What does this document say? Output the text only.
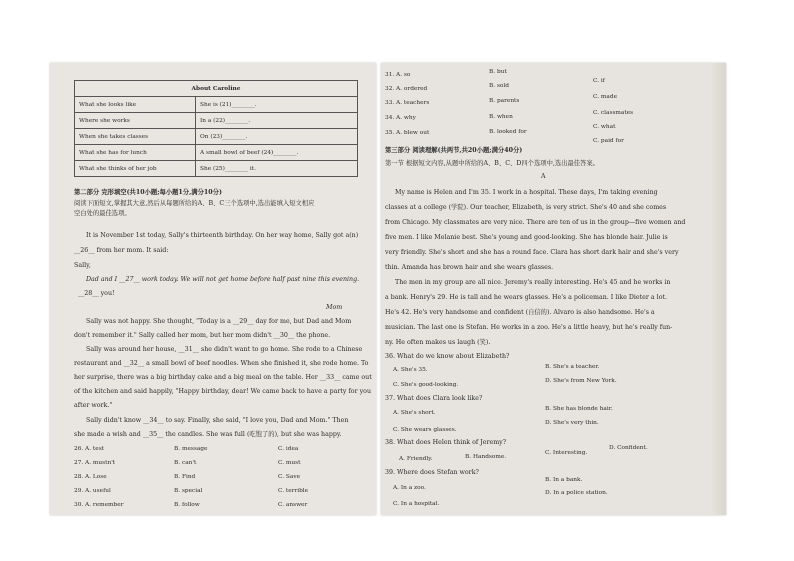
About Caroline	
What she looks like	She is (21)________.
Where she works	In a (22)________.
When she takes classes	On (23)________.
What she has for lunch	A small bowl of beef (24)________.
What she thinks of her job	She (25)________ it.
第二部分 完形填空(共10小题;每小题1分,满分10分)
阅读下面短文,掌握其大意,然后从每题所给的A、B、C三个选项中,选出能填入短文相应
空白处的最佳选项。
It is November 1st today, Sally's thirteenth birthday. On her way home, Sally got a(n)
__26__ from her mom. It said:
Sally,
Dad and I __27__ work today. We will not get home before half past nine this evening.
__28__ you!
Mom
Sally was not happy. She thought, "Today is a __29__ day for me, but Dad and Mom
don't remember it." Sally called her mom, but her mom didn't __30__ the phone.
Sally was around her house, __31__ she didn't want to go home. She rode to a Chinese
restaurant and __32__ a small bowl of beef noodles. When she finished it, she rode home. To
her surprise, there was a big birthday cake and a big meal on the table. Her __33__ came out
of the kitchen and said happily, "Happy birthday, dear! We came back to have a party for you
after work."
Sally didn't know __34__ to say. Finally, she said, "I love you, Dad and Mom." Then
she made a wish and __35__ the candles. She was full (吃饱了的), but she was happy.
26. A. test	B. message	C. idea
27. A. mustn't	B. can't	C. must
28. A. Lose	B. Find	C. Save
29. A. useful	B. special	C. terrible
30. A. remember	B. follow	C. answer
31. A. so	B. but
C. if
32. A. ordered	B. sold
C. made
33. A. teachers	B. parents
C. classmates
34. A. why	B. when
C. what
35. A. blew out	B. looked for
C. paid for
第三部分 阅读理解(共两节,共20小题;满分40分)
第一节 根据短文内容,从题中所给的A、B、C、D四个选项中,选出最佳答案。
A
My name is Helen and I'm 35. I work in a hospital. These days, I'm taking evening
classes at a college (学院). Our teacher, Elizabeth, is very strict. She's 40 and she comes
from Chicago. My classmates are very nice. There are ten of us in the group—five women and
five men. I like Melanie best. She's young and good-looking. She has blonde hair. Julie is
very friendly. She's short and she has a round face. Clara has short dark hair and she's very
thin. Amanda has brown hair and she wears glasses.
The men in my group are all nice. Jeremy's really interesting. He's 45 and he works in
a bank. Henry's 29. He is tall and he wears glasses. He's a policeman. I like Dieter a lot.
He's 42. He's very handsome and confident (自信的). Alvaro is also handsome. He's a
musician. The last one is Stefan. He works in a zoo. He's a little heavy, but he's really fun-
ny. He often makes us laugh (笑).
36. What do we know about Elizabeth?
A. She's 35.	B. She's a teacher.
C. She's good-looking.
D. She's from New York.
37. What does Clara look like?
A. She's short.
B. She has blonde hair.
C. She wears glasses.
D. She's very thin.
38. What does Helen think of Jeremy?
A. Friendly.	B. Handsome.
C. Interesting.
D. Confident.
39. Where does Stefan work?
A. In a zoo.
B. In a bank.
C. In a hospital.
D. In a police station.
